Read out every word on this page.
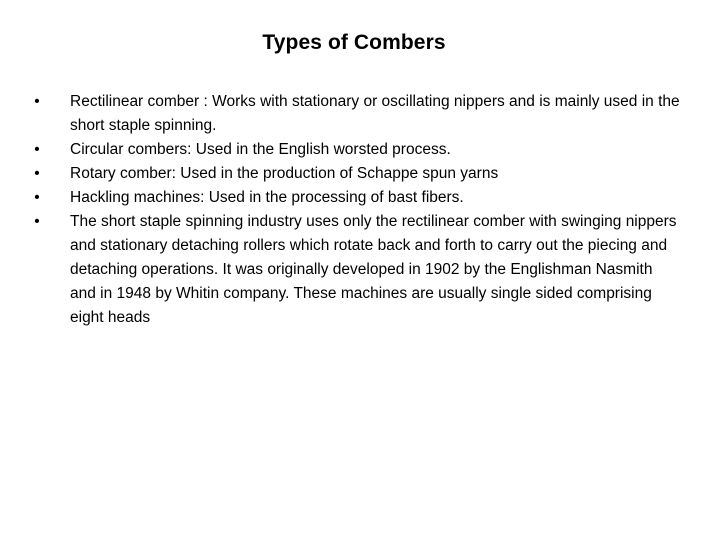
Types of Combers
• Rectilinear comber : Works with stationary or oscillating nippers and is mainly used in the short staple spinning.
• Circular combers: Used in the English worsted process.
• Rotary comber: Used in the production of Schappe spun yarns
• Hackling machines: Used in the processing of bast fibers.
• The short staple spinning industry uses only the rectilinear comber with swinging nippers and stationary detaching rollers which rotate back and forth to carry out the piecing and detaching operations. It was originally developed in 1902 by the Englishman Nasmith and in 1948 by Whitin company. These machines are usually single sided comprising eight heads
